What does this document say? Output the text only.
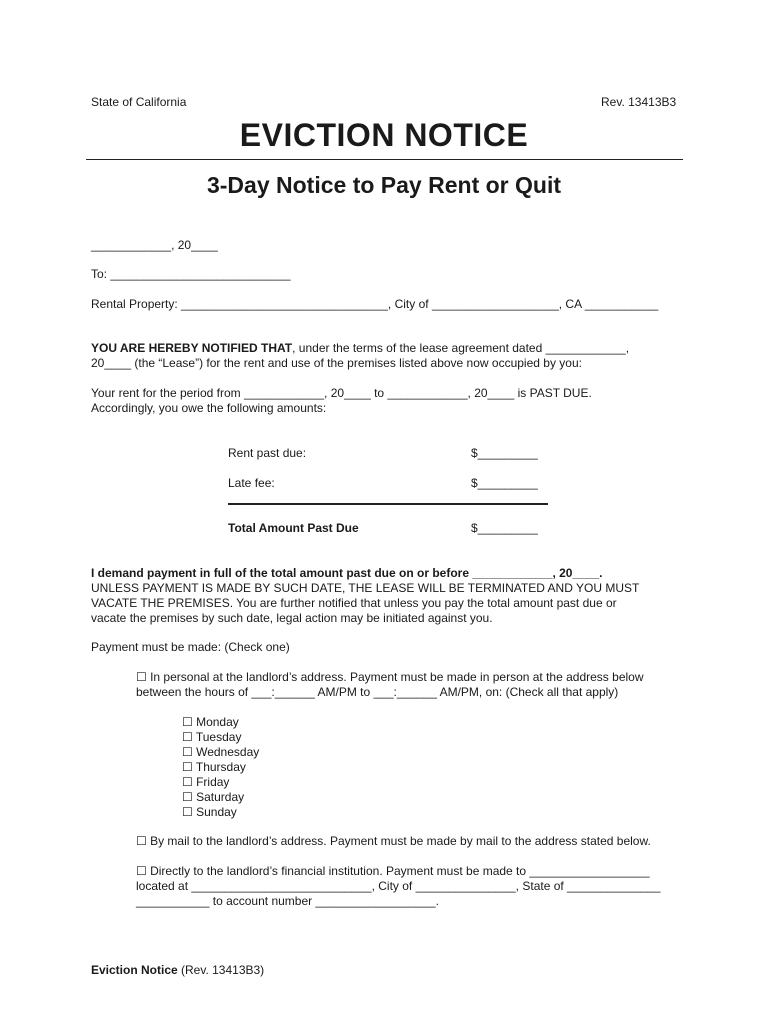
State of California	Rev. 13413B3
EVICTION NOTICE
3-Day Notice to Pay Rent or Quit
____________, 20____
To: ___________________________
Rental Property: _______________________________, City of ___________________, CA ___________
YOU ARE HEREBY NOTIFIED THAT, under the terms of the lease agreement dated ____________,
20____ (the “Lease”) for the rent and use of the premises listed above now occupied by you:
Your rent for the period from ____________, 20____ to ____________, 20____ is PAST DUE.
Accordingly, you owe the following amounts:
Rent past due:	$_________
Late fee:	$_________
Total Amount Past Due	$_________
I demand payment in full of the total amount past due on or before ____________, 20____.
UNLESS PAYMENT IS MADE BY SUCH DATE, THE LEASE WILL BE TERMINATED AND YOU MUST
VACATE THE PREMISES. You are further notified that unless you pay the total amount past due or
vacate the premises by such date, legal action may be initiated against you.
Payment must be made: (Check one)
☐ In personal at the landlord’s address. Payment must be made in person at the address below
between the hours of ___:______ AM/PM to ___:______ AM/PM, on: (Check all that apply)
☐ Monday
☐ Tuesday
☐ Wednesday
☐ Thursday
☐ Friday
☐ Saturday
☐ Sunday
☐ By mail to the landlord’s address. Payment must be made by mail to the address stated below.
☐ Directly to the landlord’s financial institution. Payment must be made to __________________
located at ___________________________, City of _______________, State of ______________
___________ to account number __________________.
Eviction Notice (Rev. 13413B3)
